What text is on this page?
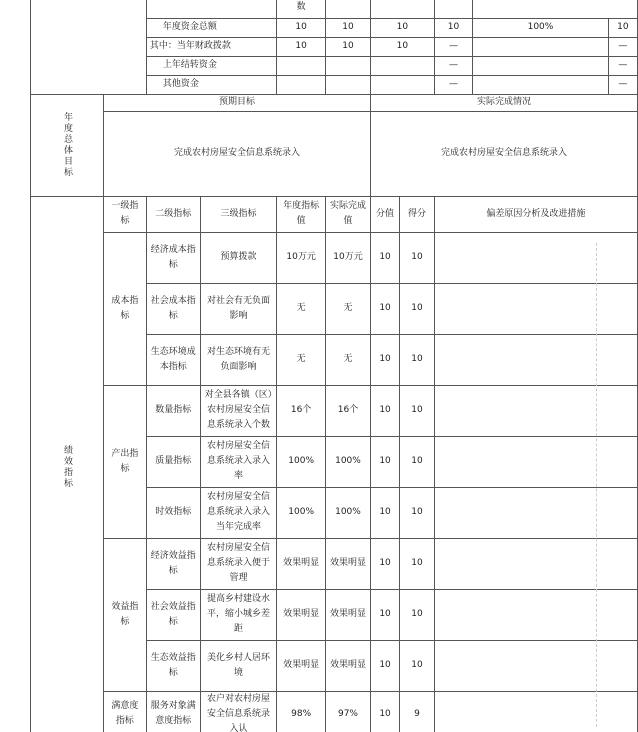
				数						
		年度资金总额		10	10	10		10	100%	10
		其中：当年财政拨款		10	10	10		—		—
		上年结转资金						—		—
		其他资金						—		—
年度总体目标	预期目标					实际完成情况				
	完成农村房屋安全信息系统录入					完成农村房屋安全信息系统录入				
绩效指标	一级指标	二级指标	三级指标	年度指标值	实际完成值	分值	得分	偏差原因分析及改进措施		
	成本指标	经济成本指标	预算拨款	10万元	10万元	10	10			
		社会成本指标	对社会有无负面影响	无	无	10	10			
		生态环境成本指标	对生态环境有无负面影响	无	无	10	10			
	产出指标	数量指标	对全县各镇（区）农村房屋安全信息系统录入个数	16个	16个	10	10			
		质量指标	农村房屋安全信息系统录入录入率	100%	100%	10	10			
		时效指标	农村房屋安全信息系统录入录入当年完成率	100%	100%	10	10			
	效益指标	经济效益指标	农村房屋安全信息系统录入便于管理	效果明显	效果明显	10	10			
		社会效益指标	提高乡村建设水平，缩小城乡差距	效果明显	效果明显	10	10			
		生态效益指标	美化乡村人居环境	效果明显	效果明显	10	10			
	满意度指标	服务对象满意度指标	农户对农村房屋安全信息系统录入认	98%	97%	10	9			
